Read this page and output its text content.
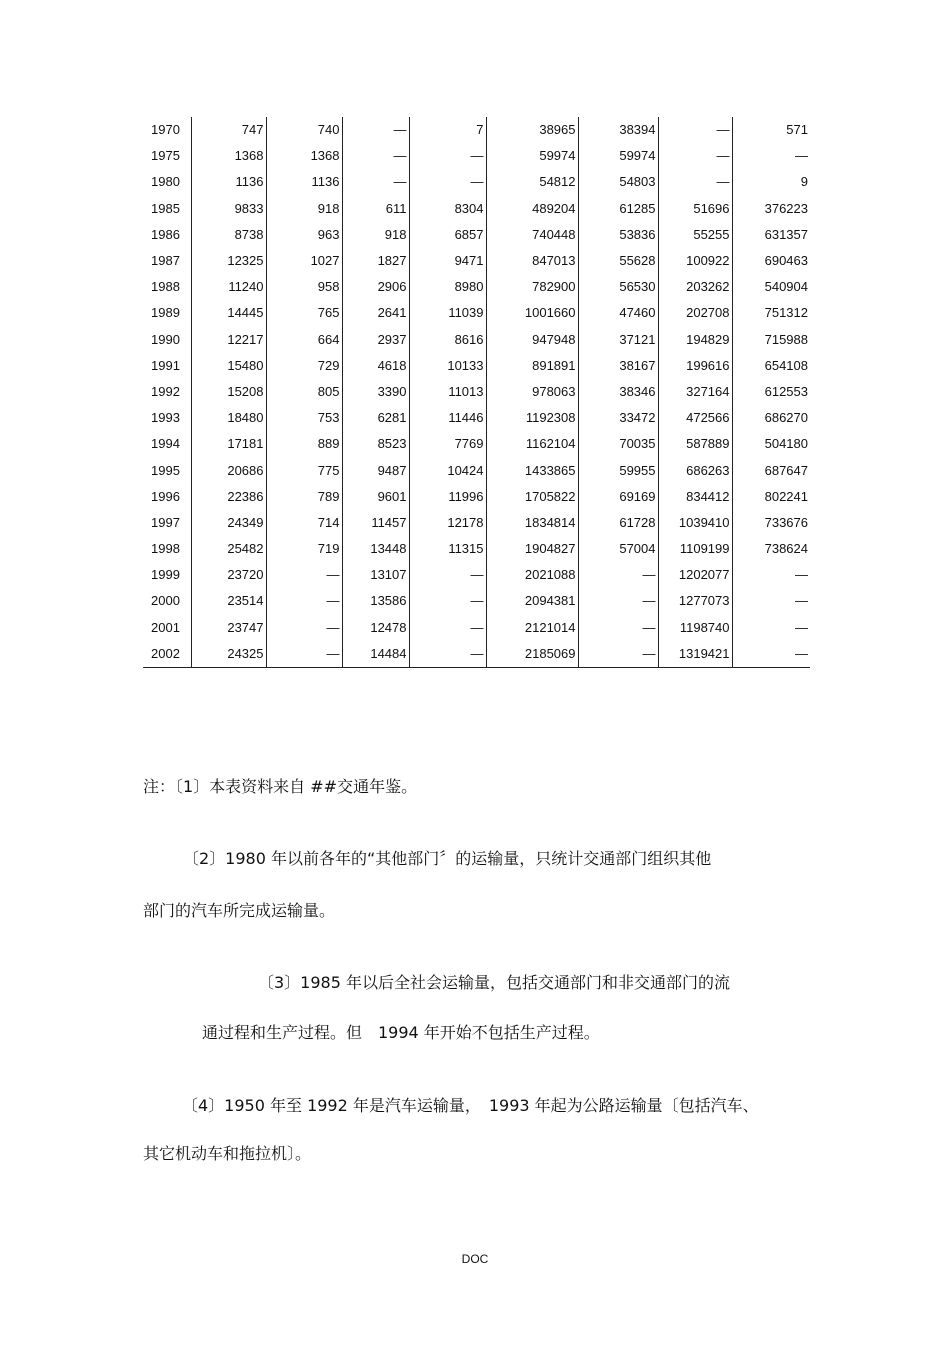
1970	747	740	—	7	38965	38394	—	571
1975	1368	1368	—	—	59974	59974	—	—
1980	1136	1136	—	—	54812	54803	—	9
1985	9833	918	611	8304	489204	61285	51696	376223
1986	8738	963	918	6857	740448	53836	55255	631357
1987	12325	1027	1827	9471	847013	55628	100922	690463
1988	11240	958	2906	8980	782900	56530	203262	540904
1989	14445	765	2641	11039	1001660	47460	202708	751312
1990	12217	664	2937	8616	947948	37121	194829	715988
1991	15480	729	4618	10133	891891	38167	199616	654108
1992	15208	805	3390	11013	978063	38346	327164	612553
1993	18480	753	6281	11446	1192308	33472	472566	686270
1994	17181	889	8523	7769	1162104	70035	587889	504180
1995	20686	775	9487	10424	1433865	59955	686263	687647
1996	22386	789	9601	11996	1705822	69169	834412	802241
1997	24349	714	11457	12178	1834814	61728	1039410	733676
1998	25482	719	13448	11315	1904827	57004	1109199	738624
1999	23720	—	13107	—	2021088	—	1202077	—
2000	23514	—	13586	—	2094381	—	1277073	—
2001	23747	—	12478	—	2121014	—	1198740	—
2002	24325	—	14484	—	2185069	—	1319421	—
注：〔1〕本表资料来自 ##交通年鉴。
〔2〕1980 年以前各年的“其他部门〞的运输量，只统计交通部门组织其他
部门的汽车所完成运输量。
〔3〕1985 年以后全社会运输量，包括交通部门和非交通部门的流
通过程和生产过程。但　1994 年开始不包括生产过程。
〔4〕1950 年至 1992 年是汽车运输量，　1993 年起为公路运输量〔包括汽车、
其它机动车和拖拉机〕。
DOC
